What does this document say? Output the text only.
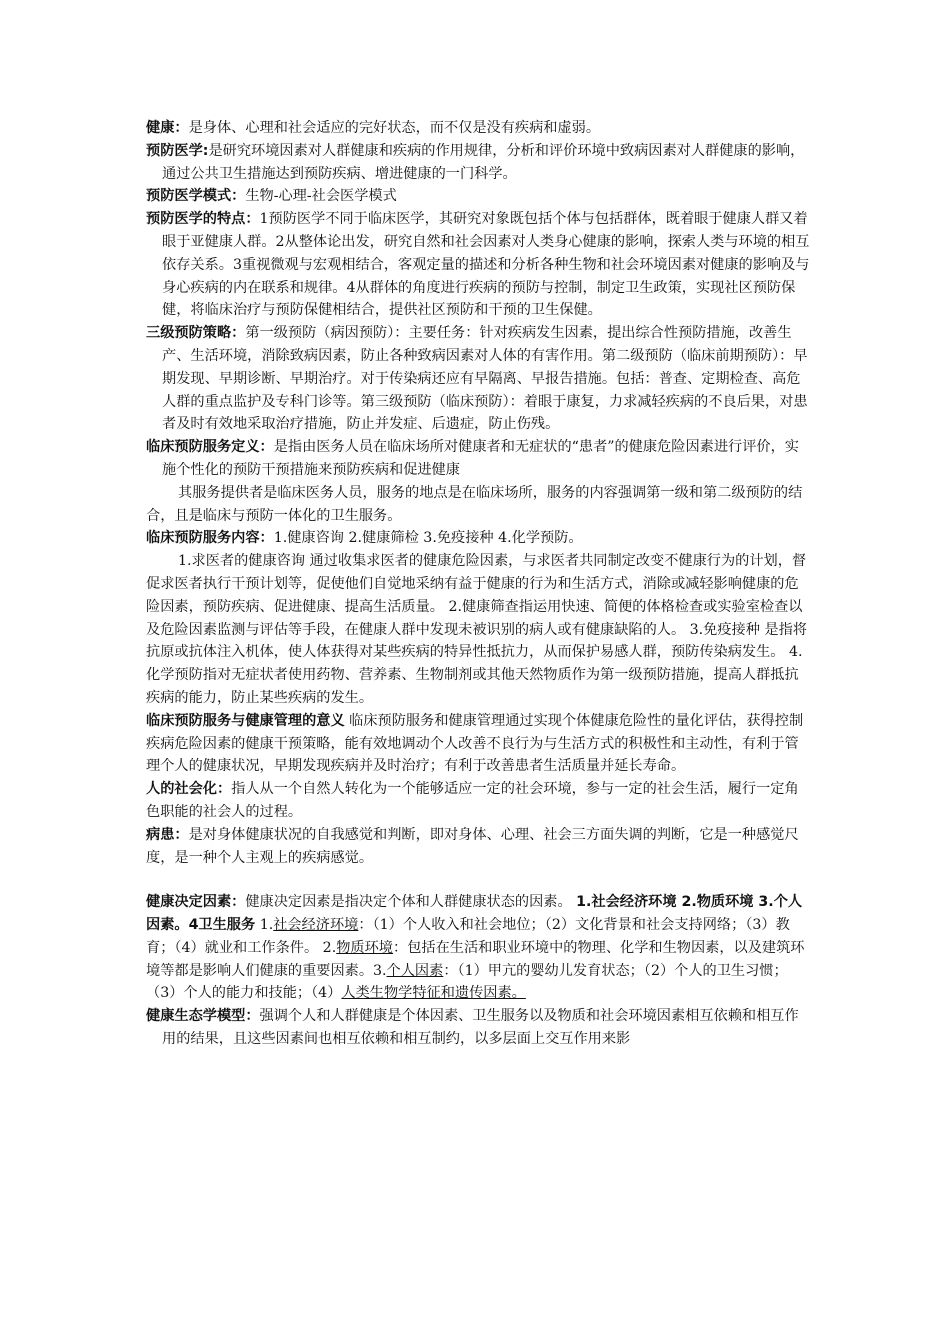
健康：是身体、心理和社会适应的完好状态，而不仅是没有疾病和虚弱。

预防医学:是研究环境因素对人群健康和疾病的作用规律，分析和评价环境中致病因素对人群健康的影响，通过公共卫生措施达到预防疾病、增进健康的一门科学。

预防医学模式：生物-心理-社会医学模式

预防医学的特点：1预防医学不同于临床医学，其研究对象既包括个体与包括群体，既着眼于健康人群又着眼于亚健康人群。2从整体论出发，研究自然和社会因素对人类身心健康的影响，探索人类与环境的相互依存关系。3重视微观与宏观相结合，客观定量的描述和分析各种生物和社会环境因素对健康的影响及与身心疾病的内在联系和规律。4从群体的角度进行疾病的预防与控制，制定卫生政策，实现社区预防保健，将临床治疗与预防保健相结合，提供社区预防和干预的卫生保健。

三级预防策略：第一级预防（病因预防）：主要任务：针对疾病发生因素，提出综合性预防措施，改善生产、生活环境，消除致病因素，防止各种致病因素对人体的有害作用。第二级预防（临床前期预防）：早期发现、早期诊断、早期治疗。对于传染病还应有早隔离、早报告措施。包括：普查、定期检查、高危人群的重点监护及专科门诊等。第三级预防（临床预防）：着眼于康复，力求减轻疾病的不良后果，对患者及时有效地采取治疗措施，防止并发症、后遗症，防止伤残。

临床预防服务定义：是指由医务人员在临床场所对健康者和无症状的“患者”的健康危险因素进行评价，实施个性化的预防干预措施来预防疾病和促进健康

其服务提供者是临床医务人员，服务的地点是在临床场所，服务的内容强调第一级和第二级预防的结合，且是临床与预防一体化的卫生服务。

临床预防服务内容：1.健康咨询 2.健康筛检 3.免疫接种 4.化学预防。

1.求医者的健康咨询 通过收集求医者的健康危险因素，与求医者共同制定改变不健康行为的计划，督促求医者执行干预计划等，促使他们自觉地采纳有益于健康的行为和生活方式，消除或减轻影响健康的危险因素，预防疾病、促进健康、提高生活质量。 2.健康筛查指运用快速、简便的体格检查或实验室检查以及危险因素监测与评估等手段，在健康人群中发现未被识别的病人或有健康缺陷的人。 3.免疫接种 是指将抗原或抗体注入机体，使人体获得对某些疾病的特异性抵抗力，从而保护易感人群，预防传染病发生。 4.化学预防指对无症状者使用药物、营养素、生物制剂或其他天然物质作为第一级预防措施，提高人群抵抗疾病的能力，防止某些疾病的发生。

临床预防服务与健康管理的意义 临床预防服务和健康管理通过实现个体健康危险性的量化评估，获得控制疾病危险因素的健康干预策略，能有效地调动个人改善不良行为与生活方式的积极性和主动性，有利于管理个人的健康状况，早期发现疾病并及时治疗；有利于改善患者生活质量并延长寿命。

人的社会化：指人从一个自然人转化为一个能够适应一定的社会环境，参与一定的社会生活，履行一定角色职能的社会人的过程。

病患：是对身体健康状况的自我感觉和判断，即对身体、心理、社会三方面失调的判断，它是一种感觉尺度，是一种个人主观上的疾病感觉。

健康决定因素：健康决定因素是指决定个体和人群健康状态的因素。 1.社会经济环境 2.物质环境 3.个人因素。4卫生服务 1.社会经济环境：（1）个人收入和社会地位；（2）文化背景和社会支持网络；（3）教育；（4）就业和工作条件。 2.物质环境：包括在生活和职业环境中的物理、化学和生物因素，以及建筑环境等都是影响人们健康的重要因素。3.个人因素：（1）甲亢的婴幼儿发育状态；（2）个人的卫生习惯；（3）个人的能力和技能；（4）人类生物学特征和遗传因素。

健康生态学模型：强调个人和人群健康是个体因素、卫生服务以及物质和社会环境因素相互依赖和相互作用的结果，且这些因素间也相互依赖和相互制约，以多层面上交互作用来影
